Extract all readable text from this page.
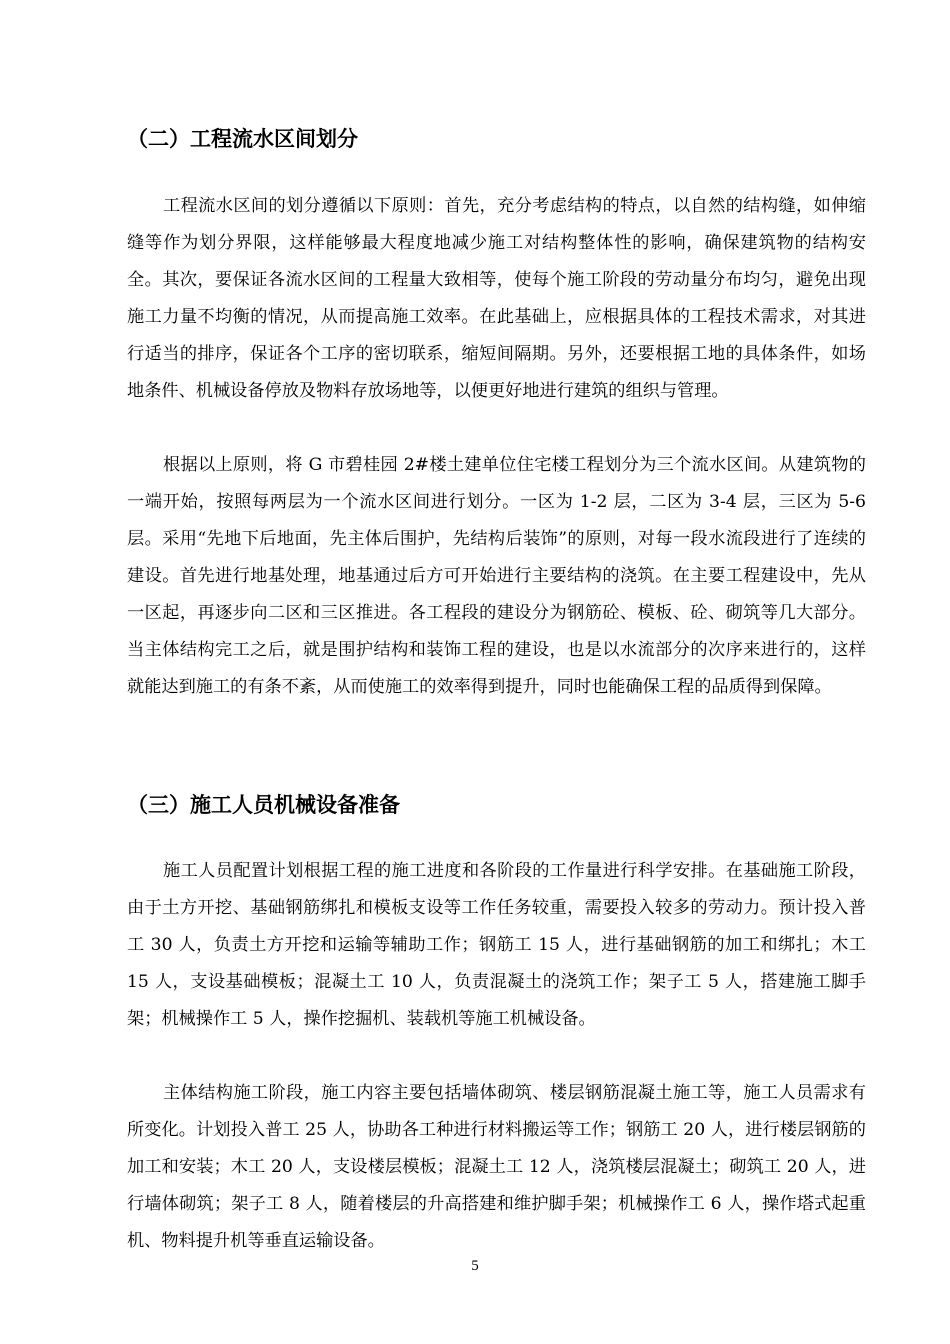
（二）工程流水区间划分

工程流水区间的划分遵循以下原则：首先，充分考虑结构的特点，以自然的结构缝，如伸缩缝等作为划分界限，这样能够最大程度地减少施工对结构整体性的影响，确保建筑物的结构安全。其次，要保证各流水区间的工程量大致相等，使每个施工阶段的劳动量分布均匀，避免出现施工力量不均衡的情况，从而提高施工效率。在此基础上，应根据具体的工程技术需求，对其进行适当的排序，保证各个工序的密切联系，缩短间隔期。另外，还要根据工地的具体条件，如场地条件、机械设备停放及物料存放场地等，以便更好地进行建筑的组织与管理。

根据以上原则，将 G 市碧桂园 2#楼土建单位住宅楼工程划分为三个流水区间。从建筑物的一端开始，按照每两层为一个流水区间进行划分。一区为 1-2 层，二区为 3-4 层，三区为 5-6 层。采用“先地下后地面，先主体后围护，先结构后装饰”的原则，对每一段水流段进行了连续的建设。首先进行地基处理，地基通过后方可开始进行主要结构的浇筑。在主要工程建设中，先从一区起，再逐步向二区和三区推进。各工程段的建设分为钢筋砼、模板、砼、砌筑等几大部分。当主体结构完工之后，就是围护结构和装饰工程的建设，也是以水流部分的次序来进行的，这样就能达到施工的有条不紊，从而使施工的效率得到提升，同时也能确保工程的品质得到保障。

（三）施工人员机械设备准备

施工人员配置计划根据工程的施工进度和各阶段的工作量进行科学安排。在基础施工阶段，由于土方开挖、基础钢筋绑扎和模板支设等工作任务较重，需要投入较多的劳动力。预计投入普工 30 人，负责土方开挖和运输等辅助工作；钢筋工 15 人，进行基础钢筋的加工和绑扎；木工 15 人，支设基础模板；混凝土工 10 人，负责混凝土的浇筑工作；架子工 5 人，搭建施工脚手架；机械操作工 5 人，操作挖掘机、装载机等施工机械设备。

主体结构施工阶段，施工内容主要包括墙体砌筑、楼层钢筋混凝土施工等，施工人员需求有所变化。计划投入普工 25 人，协助各工种进行材料搬运等工作；钢筋工 20 人，进行楼层钢筋的加工和安装；木工 20 人，支设楼层模板；混凝土工 12 人，浇筑楼层混凝土；砌筑工 20 人，进行墙体砌筑；架子工 8 人，随着楼层的升高搭建和维护脚手架；机械操作工 6 人，操作塔式起重机、物料提升机等垂直运输设备。

5
